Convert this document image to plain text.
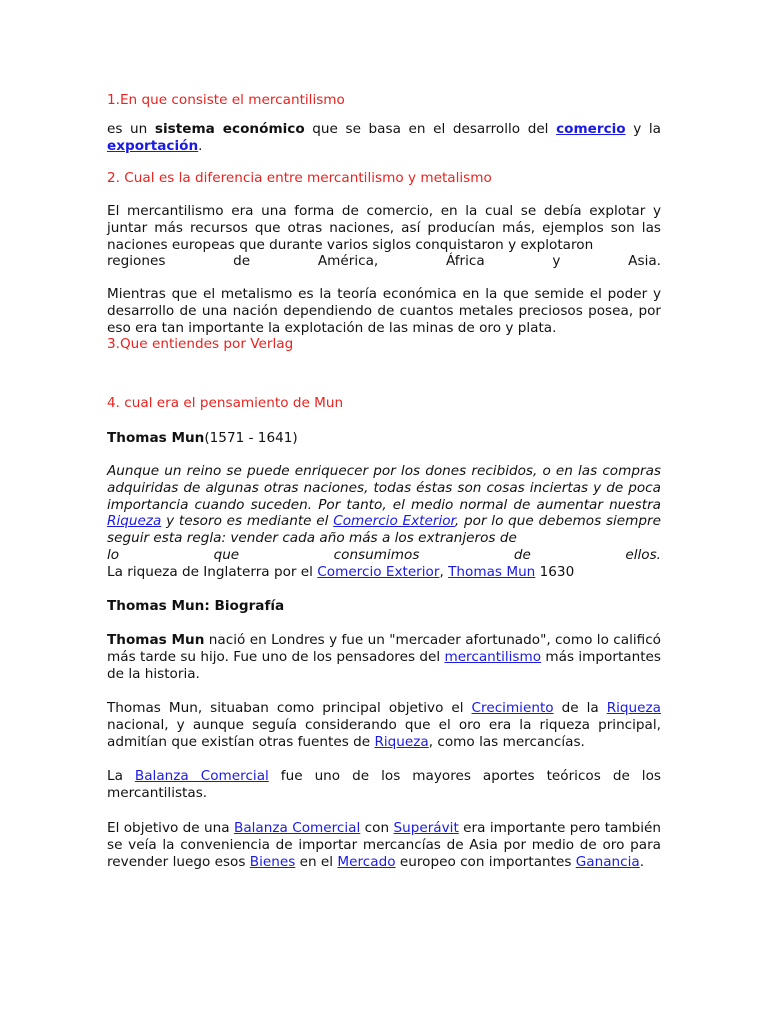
1.En que consiste el mercantilismo
es un sistema económico que se basa en el desarrollo del comercio y la exportación.
2. Cual es la diferencia entre mercantilismo y metalismo
El mercantilismo era una forma de comercio, en la cual se debía explotar y juntar más recursos que otras naciones, así producían más, ejemplos son las naciones europeas que durante varios siglos conquistaron y explotaron
regiones de América, África y Asia.
Mientras que el metalismo es la teoría económica en la que semide el poder y desarrollo de una nación dependiendo de cuantos metales preciosos posea, por eso era tan importante la explotación de las minas de oro y plata.
3.Que entiendes por Verlag
4. cual era el pensamiento de Mun
Thomas Mun(1571 - 1641)
Aunque un reino se puede enriquecer por los dones recibidos, o en las compras adquiridas de algunas otras naciones, todas éstas son cosas inciertas y de poca importancia cuando suceden. Por tanto, el medio normal de aumentar nuestra Riqueza y tesoro es mediante el Comercio Exterior, por lo que debemos siempre seguir esta regla: vender cada año más a los extranjeros de
lo que consumimos de ellos.
La riqueza de Inglaterra por el Comercio Exterior, Thomas Mun 1630
Thomas Mun: Biografía
Thomas Mun nació en Londres y fue un "mercader afortunado", como lo calificó más tarde su hijo. Fue uno de los pensadores del mercantilismo más importantes de la historia.
Thomas Mun, situaban como principal objetivo el Crecimiento de la Riqueza nacional, y aunque seguía considerando que el oro era la riqueza principal, admitían que existían otras fuentes de Riqueza, como las mercancías.
La Balanza Comercial fue uno de los mayores aportes teóricos de los mercantilistas.
El objetivo de una Balanza Comercial con Superávit era importante pero también se veía la conveniencia de importar mercancías de Asia por medio de oro para revender luego esos Bienes en el Mercado europeo con importantes Ganancia.
